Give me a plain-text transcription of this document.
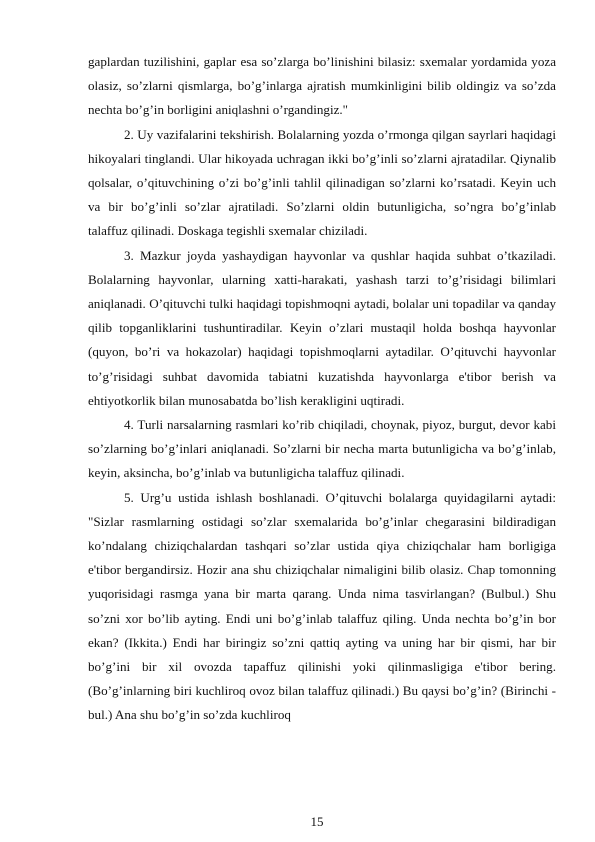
gaplardan tuzilishini, gaplar esa so’zlarga bo’linishini bilasiz: sxemalar yordamida yoza olasiz, so’zlarni qismlarga, bo’g’inlarga ajratish mumkinligini bilib oldingiz va so’zda nechta bo’g’in borligini aniqlashni o’rgandingiz."

2. Uy vazifalarini tekshirish. Bolalarning yozda o’rmonga qilgan sayrlari haqidagi hikoyalari tinglandi. Ular hikoyada uchragan ikki bo’g’inli so’zlarni ajratadilar. Qiynalib qolsalar, o’qituvchining o’zi bo’g’inli tahlil qilinadigan so’zlarni ko’rsatadi. Keyin uch va bir bo’g’inli so’zlar ajratiladi. So’zlarni oldin butunligicha, so’ngra bo’g’inlab talaffuz qilinadi. Doskaga tegishli sxemalar chiziladi.

3. Mazkur joyda yashaydigan hayvonlar va qushlar haqida suhbat o’tkaziladi. Bolalarning hayvonlar, ularning xatti-harakati, yashash tarzi to’g’risidagi bilimlari aniqlanadi. O’qituvchi tulki haqidagi topishmoqni aytadi, bolalar uni topadilar va qanday qilib topganliklarini tushuntiradilar. Keyin o’zlari mustaqil holda boshqa hayvonlar (quyon, bo’ri va hokazolar) haqidagi topishmoqlarni aytadilar. O’qituvchi hayvonlar to’g’risidagi suhbat davomida tabiatni kuzatishda hayvonlarga e'tibor berish va ehtiyotkorlik bilan munosabatda bo’lish kerakligini uqtiradi.

4. Turli narsalarning rasmlari ko’rib chiqiladi, choynak, piyoz, burgut, devor kabi so’zlarning bo’g’inlari aniqlanadi. So’zlarni bir necha marta butunligicha va bo’g’inlab, keyin, aksincha, bo’g’inlab va butunligicha talaffuz qilinadi.

5. Urg’u ustida ishlash boshlanadi. O’qituvchi bolalarga quyidagilarni aytadi: "Sizlar rasmlarning ostidagi so’zlar sxemalarida bo’g’inlar chegarasini bildiradigan ko’ndalang chiziqchalardan tashqari so’zlar ustida qiya chiziqchalar ham borligiga e'tibor bergandirsiz. Hozir ana shu chiziqchalar nimaligini bilib olasiz. Chap tomonning yuqorisidagi rasmga yana bir marta qarang. Unda nima tasvirlangan? (Bulbul.) Shu so’zni xor bo’lib ayting. Endi uni bo’g’inlab talaffuz qiling. Unda nechta bo’g’in bor ekan? (Ikkita.) Endi har biringiz so’zni qattiq ayting va uning har bir qismi, har bir bo’g’ini bir xil ovozda tapaffuz qilinishi yoki qilinmasligiga e'tibor bering. (Bo’g’inlarning biri kuchliroq ovoz bilan talaffuz qilinadi.) Bu qaysi bo’g’in? (Birinchi - bul.) Ana shu bo’g’in so’zda kuchliroq

15
